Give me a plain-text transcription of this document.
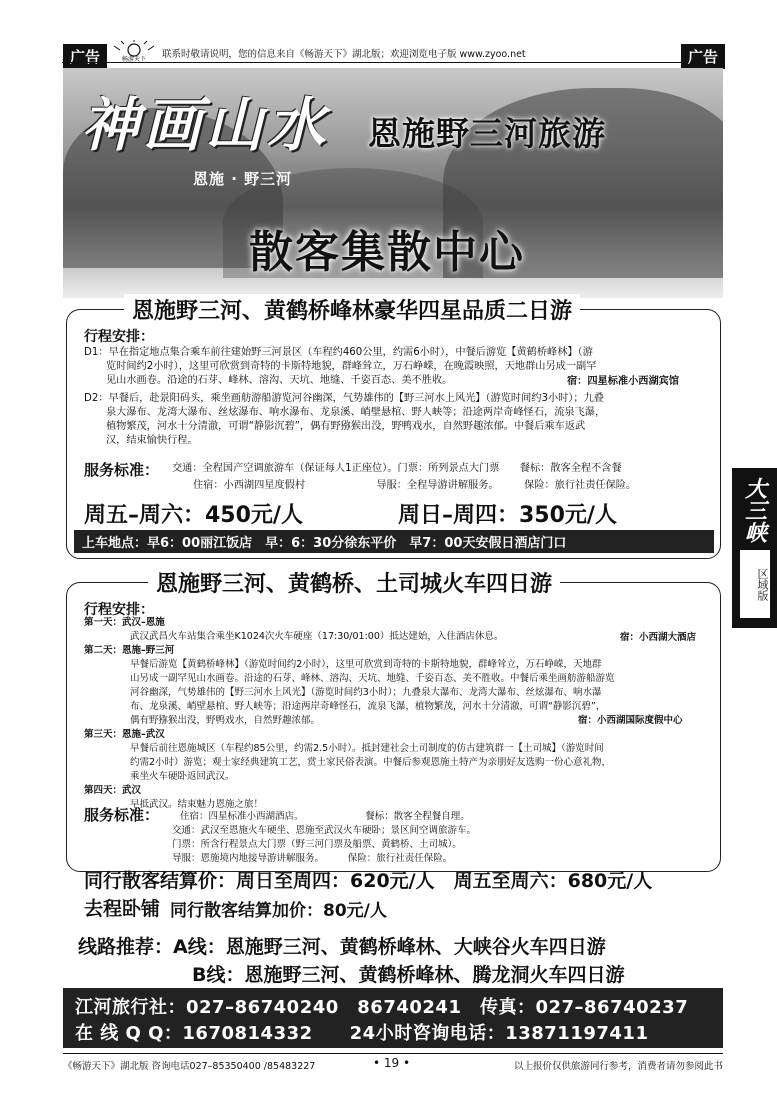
广告	广告
畅游天下 联系时敬请说明，您的信息来自《畅游天下》湖北版；欢迎浏览电子版 www.zyoo.net
神画山水
恩施 · 野三河
恩施野三河旅游
散客集散中心
恩施野三河、黄鹤桥峰林豪华四星品质二日游
行程安排：
D1：早在指定地点集合乘车前往建始野三河景区（车程约460公里，约需6小时），中餐后游览【黄鹤桥峰林】（游
览时间约2小时），这里可欣赏到奇特的卡斯特地貌，群峰耸立，万石峥嵘，在晚霞映照，天地群山另成一副罕
见山水画卷。沿途的石芽、峰林、溶沟、天坑、地缝、千姿百态、美不胜收。	宿：四星标准小西湖宾馆
D2：早餐后，赴景阳码头，乘坐画舫游船游览河谷幽深，气势雄伟的【野三河水上风光】（游览时间约3小时）；九叠
泉大瀑布、龙湾大瀑布、丝炫瀑布、响水瀑布、龙泉溪、峭壁悬棺、野人峡等；沿途两岸奇峰怪石，流泉飞瀑，
植物繁茂，河水十分清澈，可谓“静影沉碧”，偶有野猕猴出没，野鸭戏水，自然野趣浓郁。中餐后乘车返武
汉，结束愉快行程。
服务标准： 交通：全程国产空调旅游车（保证每人1正座位）。门票：所列景点大门票　　餐标：散客全程不含餐
住宿：小西湖四星度假村　　　　　　　导服：全程导游讲解服务。　　　保险：旅行社责任保险。
周五–周六：450元/人	周日–周四：350元/人
上车地点：早6：00丽江饭店　早：6：30分徐东平价　早7：00天安假日酒店门口
恩施野三河、黄鹤桥、土司城火车四日游
行程安排：
第一天：武汉–恩施
武汉武昌火车站集合乘坐K1024次火车硬座（17:30/01:00）抵达建始，入住酒店休息。	宿：小西湖大酒店
第二天：恩施–野三河
早餐后游览【黄鹤桥峰林】（游览时间约2小时），这里可欣赏到奇特的卡斯特地貌，群峰耸立，万石峥嵘，天地群
山另成一副罕见山水画卷。沿途的石芽、峰林、溶沟、天坑、地缝、千姿百态、美不胜收。中餐后乘坐画舫游船游览
河谷幽深，气势雄伟的【野三河水上风光】（游览时间约3小时）；九叠泉大瀑布、龙湾大瀑布、丝炫瀑布、响水瀑
布、龙泉溪、峭壁悬棺、野人峡等；沿途两岸奇峰怪石，流泉飞瀑，植物繁茂，河水十分清澈，可谓“静影沉碧”，
偶有野猕猴出没，野鸭戏水，自然野趣浓郁。	宿：小西湖国际度假中心
第三天：恩施–武汉
早餐后前往恩施城区（车程约85公里，约需2.5小时）。抵封建社会土司制度的仿古建筑群一【土司城】（游览时间
约需2小时）游览；观土家经典建筑工艺，赏土家民俗表演。中餐后参观恩施土特产为亲朋好友选购一份心意礼物，
乘坐火车硬卧返回武汉。
第四天：武汉
早抵武汉。结束魅力恩施之旅！
服务标准： 住宿：四星标准小西湖酒店。　　　　　　　餐标：散客全程餐自理。
交通：武汉至恩施火车硬坐、恩施至武汉火车硬卧；景区间空调旅游车。
门票：所含行程景点大门票（野三河门票及船票、黄鹤桥、土司城）。
导服：恩施境内地接导游讲解服务。　　　保险：旅行社责任保险。
同行散客结算价：周日至周四：620元/人　周五至周六：680元/人
去程卧铺 同行散客结算加价：80元/人
大三峡
区域版
线路推荐：A线：恩施野三河、黄鹤桥峰林、大峡谷火车四日游
B线：恩施野三河、黄鹤桥峰林、腾龙洞火车四日游
江河旅行社：027–86740240　86740241　传真：027–86740237
在 线 Q Q：1670814332　　24小时咨询电话：13871197411
《畅游天下》湖北版 咨询电话027–85350400 /85483227	• 19 •	以上报价仅供旅游同行参考，消费者请勿参阅此书
